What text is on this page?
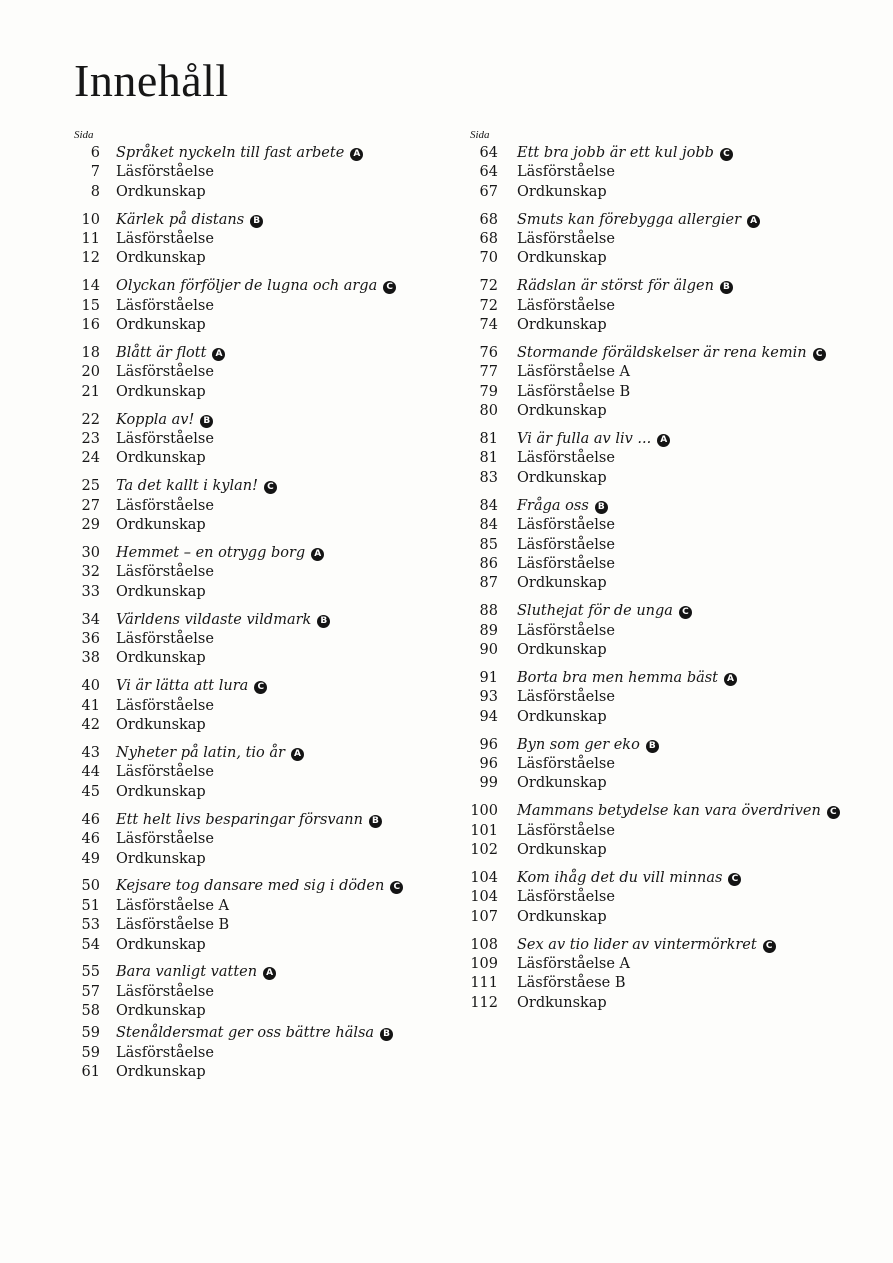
Innehåll
Sida
6 Språket nyckeln till fast arbete A
7 Läsförståelse
8 Ordkunskap
10 Kärlek på distans B
11 Läsförståelse
12 Ordkunskap
14 Olyckan förföljer de lugna och arga C
15 Läsförståelse
16 Ordkunskap
18 Blått är flott A
20 Läsförståelse
21 Ordkunskap
22 Koppla av! B
23 Läsförståelse
24 Ordkunskap
25 Ta det kallt i kylan! C
27 Läsförståelse
29 Ordkunskap
30 Hemmet – en otrygg borg A
32 Läsförståelse
33 Ordkunskap
34 Världens vildaste vildmark B
36 Läsförståelse
38 Ordkunskap
40 Vi är lätta att lura C
41 Läsförståelse
42 Ordkunskap
43 Nyheter på latin, tio år A
44 Läsförståelse
45 Ordkunskap
46 Ett helt livs besparingar försvann B
46 Läsförståelse
49 Ordkunskap
50 Kejsare tog dansare med sig i döden C
51 Läsförståelse A
53 Läsförståelse B
54 Ordkunskap
55 Bara vanligt vatten A
57 Läsförståelse
58 Ordkunskap
59 Stenåldersmat ger oss bättre hälsa B
59 Läsförståelse
61 Ordkunskap
Sida
64 Ett bra jobb är ett kul jobb C
64 Läsförståelse
67 Ordkunskap
68 Smuts kan förebygga allergier A
68 Läsförståelse
70 Ordkunskap
72 Rädslan är störst för älgen B
72 Läsförståelse
74 Ordkunskap
76 Stormande föräldskelser är rena kemin C
77 Läsförståelse A
79 Läsförståelse B
80 Ordkunskap
81 Vi är fulla av liv ... A
81 Läsförståelse
83 Ordkunskap
84 Fråga oss B
84 Läsförståelse
85 Läsförståelse
86 Läsförståelse
87 Ordkunskap
88 Sluthejat för de unga C
89 Läsförståelse
90 Ordkunskap
91 Borta bra men hemma bäst A
93 Läsförståelse
94 Ordkunskap
96 Byn som ger eko B
96 Läsförståelse
99 Ordkunskap
100 Mammans betydelse kan vara överdriven C
101 Läsförståelse
102 Ordkunskap
104 Kom ihåg det du vill minnas C
104 Läsförståelse
107 Ordkunskap
108 Sex av tio lider av vintermörkret C
109 Läsförståelse A
111 Läsförståese B
112 Ordkunskap
